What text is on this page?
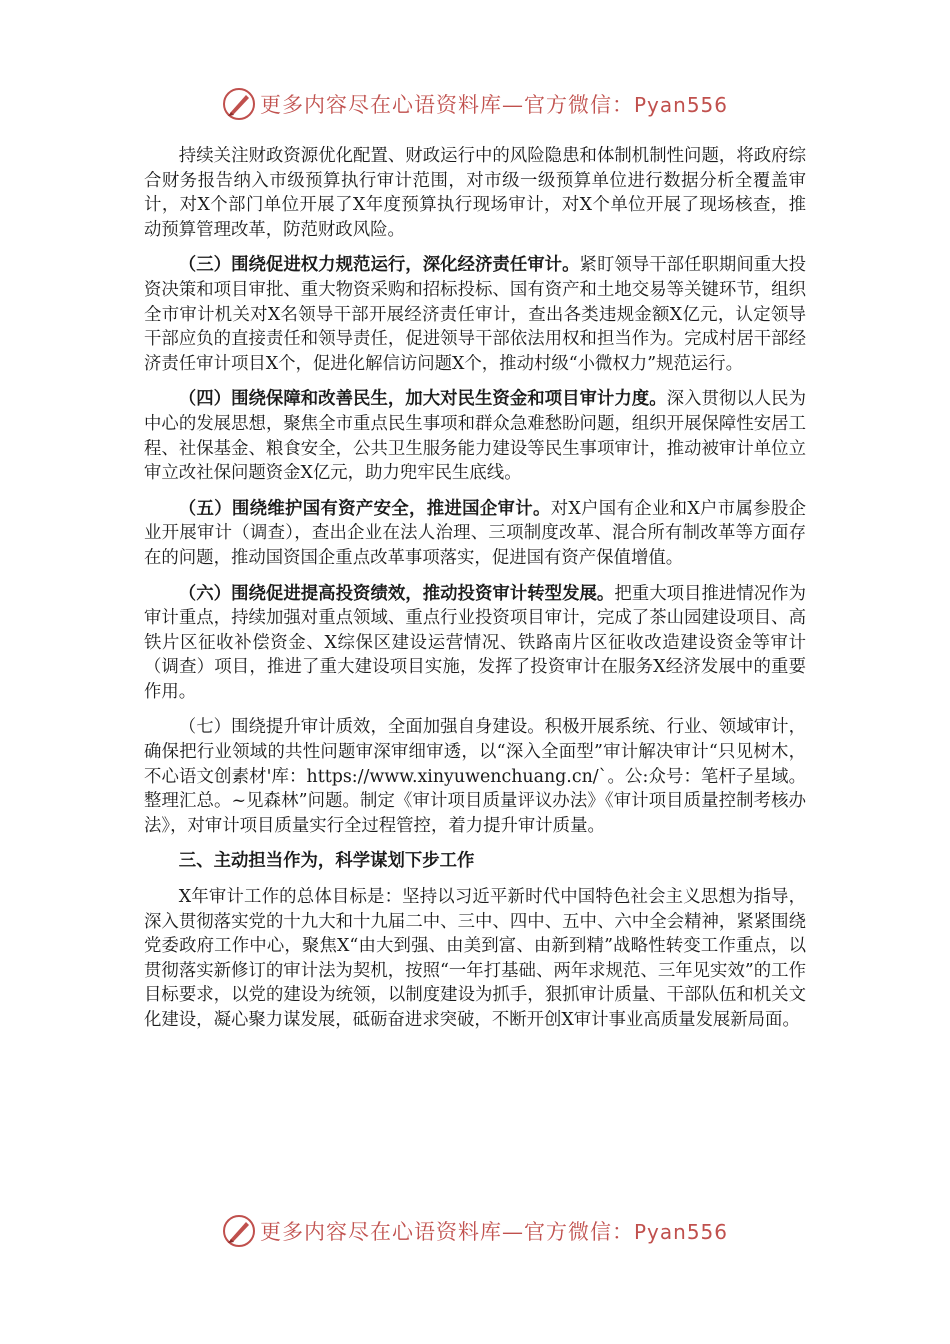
更多内容尽在心语资料库—官方微信：Pyan556

持续关注财政资源优化配置、财政运行中的风险隐患和体制机制性问题，将政府综合财务报告纳入市级预算执行审计范围，对市级一级预算单位进行数据分析全覆盖审计，对X个部门单位开展了X年度预算执行现场审计，对X个单位开展了现场核查，推动预算管理改革，防范财政风险。

（三）围绕促进权力规范运行，深化经济责任审计。紧盯领导干部任职期间重大投资决策和项目审批、重大物资采购和招标投标、国有资产和土地交易等关键环节，组织全市审计机关对X名领导干部开展经济责任审计，查出各类违规金额X亿元，认定领导干部应负的直接责任和领导责任，促进领导干部依法用权和担当作为。完成村居干部经济责任审计项目X个，促进化解信访问题X个，推动村级“小微权力”规范运行。

（四）围绕保障和改善民生，加大对民生资金和项目审计力度。深入贯彻以人民为中心的发展思想，聚焦全市重点民生事项和群众急难愁盼问题，组织开展保障性安居工程、社保基金、粮食安全，公共卫生服务能力建设等民生事项审计，推动被审计单位立审立改社保问题资金X亿元，助力兜牢民生底线。

（五）围绕维护国有资产安全，推进国企审计。对X户国有企业和X户市属参股企业开展审计（调查），查出企业在法人治理、三项制度改革、混合所有制改革等方面存在的问题，推动国资国企重点改革事项落实，促进国有资产保值增值。

（六）围绕促进提高投资绩效，推动投资审计转型发展。把重大项目推进情况作为审计重点，持续加强对重点领域、重点行业投资项目审计，完成了茶山园建设项目、高铁片区征收补偿资金、X综保区建设运营情况、铁路南片区征收改造建设资金等审计（调查）项目，推进了重大建设项目实施，发挥了投资审计在服务X经济发展中的重要作用。

（七）围绕提升审计质效，全面加强自身建设。积极开展系统、行业、领域审计，确保把行业领域的共性问题审深审细审透，以“深入全面型”审计解决审计“只见树木，不心语文创素材'库：https://www.xinyuwenchuang.cn/`。公:众号：笔杆子星域。整理汇总。~见森林”问题。制定《审计项目质量评议办法》《审计项目质量控制考核办法》，对审计项目质量实行全过程管控，着力提升审计质量。

三、主动担当作为，科学谋划下步工作

X年审计工作的总体目标是：坚持以习近平新时代中国特色社会主义思想为指导，深入贯彻落实党的十九大和十九届二中、三中、四中、五中、六中全会精神，紧紧围绕党委政府工作中心，聚焦X“由大到强、由美到富、由新到精”战略性转变工作重点，以贯彻落实新修订的审计法为契机，按照“一年打基础、两年求规范、三年见实效”的工作目标要求，以党的建设为统领，以制度建设为抓手，狠抓审计质量、干部队伍和机关文化建设，凝心聚力谋发展，砥砺奋进求突破，不断开创X审计事业高质量发展新局面。

更多内容尽在心语资料库—官方微信：Pyan556
